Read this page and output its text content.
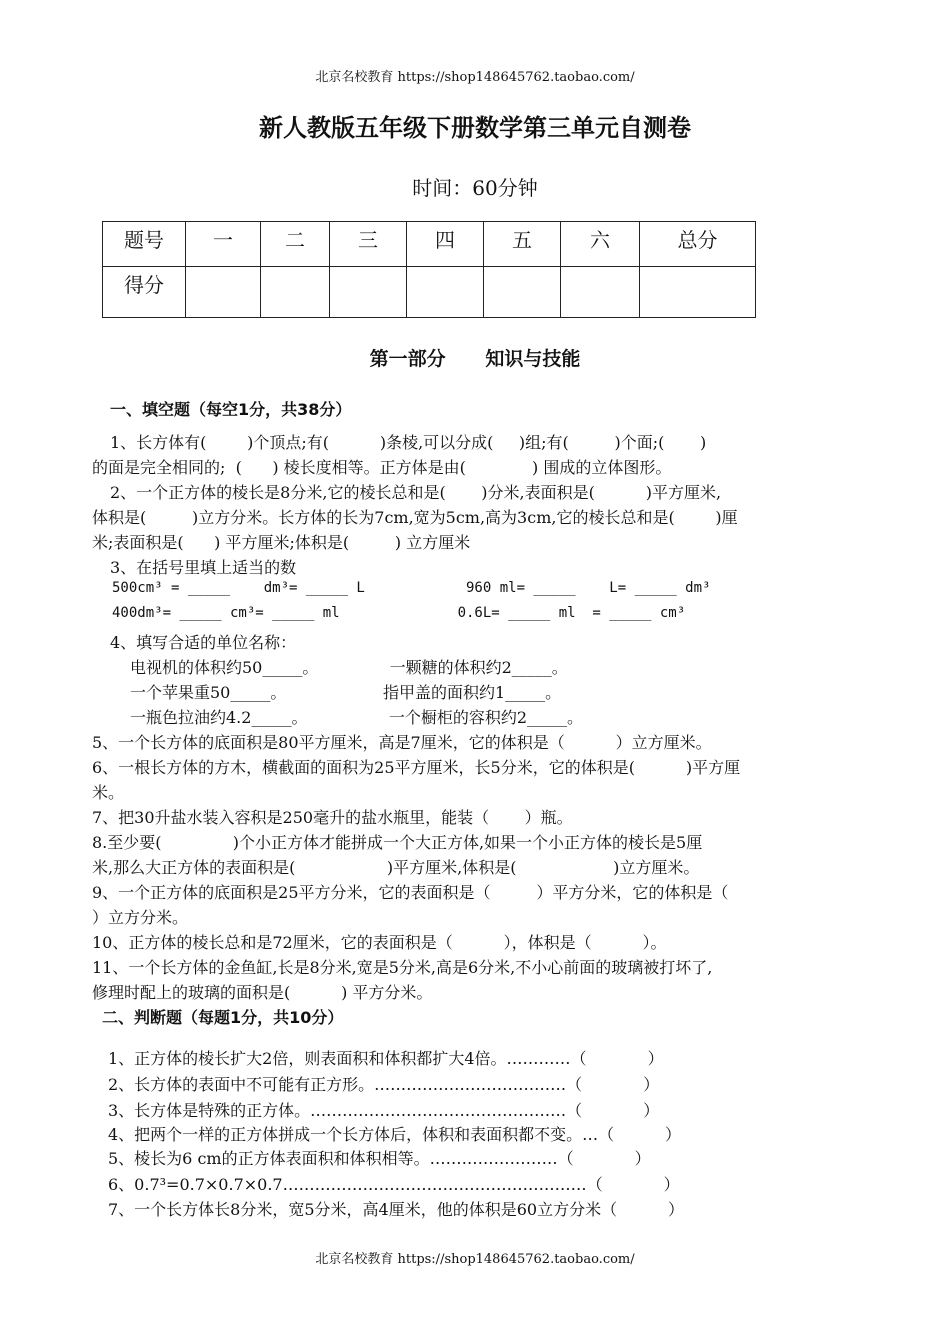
北京名校教育 https://shop148645762.taobao.com/
新人教版五年级下册数学第三单元自测卷
时间：60分钟
题号	一	二	三	四	五	六	总分
得分							
第一部分      知识与技能
一、填空题（每空1分，共38分）
1、长方体有(        )个顶点;有(          )条棱,可以分成(     )组;有(         )个面;(       )
的面是完全相同的;  (      ) 棱长度相等。正方体是由(             ) 围成的立体图形。
2、一个正方体的棱长是8分米,它的棱长总和是(       )分米,表面积是(          )平方厘米,
体积是(         )立方分米。长方体的长为7cm,宽为5cm,高为3cm,它的棱长总和是(        )厘
米;表面积是(      ) 平方厘米;体积是(         ) 立方厘米
3、在括号里填上适当的数
500cm³ = _____    dm³= _____ L            960 ml= _____    L= _____ dm³
400dm³= _____ cm³= _____ ml              0.6L= _____ ml  = _____ cm³
4、填写合适的单位名称：
电视机的体积约50_____。              一颗糖的体积约2_____。
一个苹果重50_____。                   指甲盖的面积约1_____。
一瓶色拉油约4.2_____。                一个橱柜的容积约2_____。
5、一个长方体的底面积是80平方厘米，高是7厘米，它的体积是（          ）立方厘米。
6、一根长方体的方木，横截面的面积为25平方厘米，长5分米，它的体积是(          )平方厘
米。
7、把30升盐水装入容积是250毫升的盐水瓶里，能装（       ）瓶。
8.至少要(              )个小正方体才能拼成一个大正方体,如果一个小正方体的棱长是5厘
米,那么大正方体的表面积是(                  )平方厘米,体积是(                   )立方厘米。
9、一个正方体的底面积是25平方分米，它的表面积是（         ）平方分米，它的体积是（
）立方分米。
10、正方体的棱长总和是72厘米，它的表面积是（          ），体积是（          ）。
11、一个长方体的金鱼缸,长是8分米,宽是5分米,高是6分米,不小心前面的玻璃被打坏了,
修理时配上的玻璃的面积是(          ) 平方分米。
二、判断题（每题1分，共10分）
1、正方体的棱长扩大2倍，则表面积和体积都扩大4倍。…………（            ）
2、长方体的表面中不可能有正方形。………………………………（            ）
3、长方体是特殊的正方体。…………………………………………（            ）
4、把两个一样的正方体拼成一个长方体后，体积和表面积都不变。…（          ）
5、棱长为6 cm的正方体表面积和体积相等。……………………（            ）
6、0.7³=0.7×0.7×0.7…………………………………………………（            ）
7、一个长方体长8分米，宽5分米，高4厘米，他的体积是60立方分米（          ）
北京名校教育 https://shop148645762.taobao.com/
